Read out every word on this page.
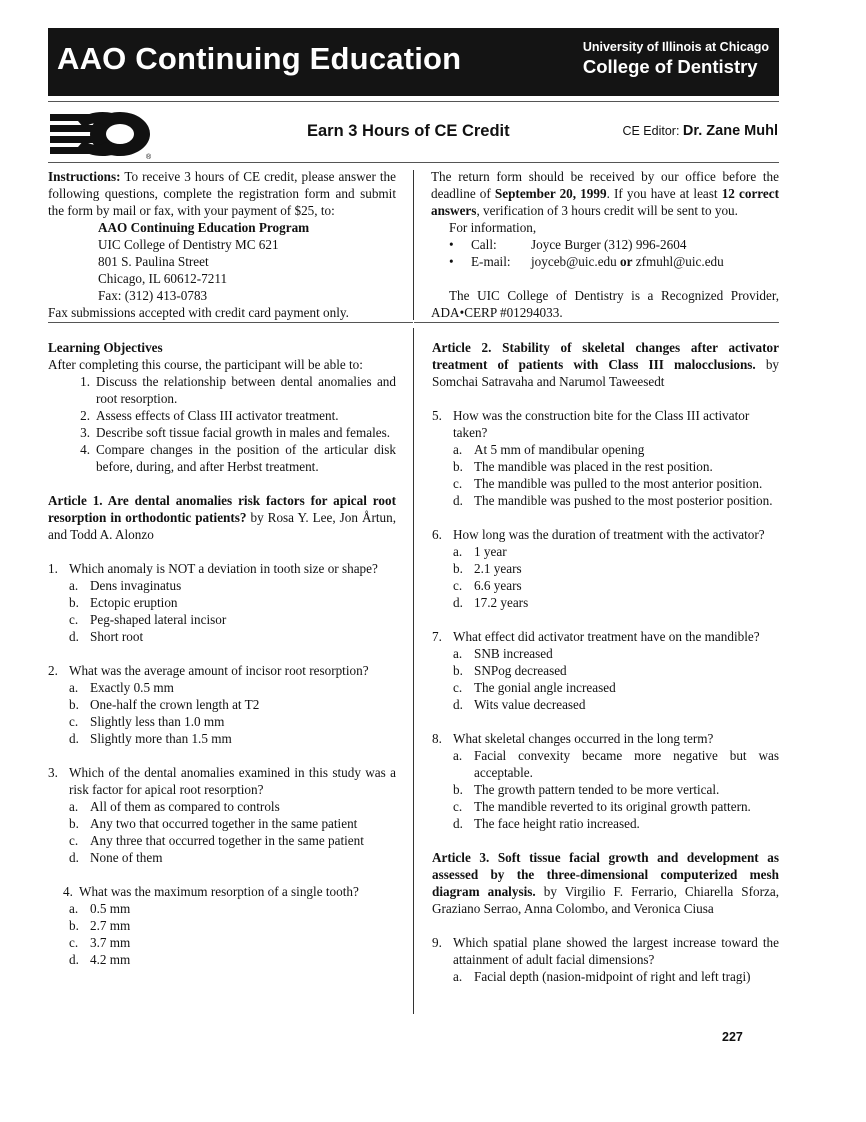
AAO Continuing Education	University of Illinois at Chicago
College of Dentistry
®
Earn 3 Hours of CE Credit	CE Editor: Dr. Zane Muhl

Instructions: To receive 3 hours of CE credit, please answer the following questions, complete the registration form and submit the form by mail or fax, with your payment of $25, to:

AAO Continuing Education Program

UIC College of Dentistry MC 621

801 S. Paulina Street

Chicago, IL 60612-7211

Fax: (312) 413-0783

Fax submissions accepted with credit card payment only.

The return form should be received by our office before the deadline of September 20, 1999. If you have at least 12 correct answers, verification of 3 hours credit will be sent to you.

For information,

•	Call:	Joyce Burger (312) 996-2604
•	E-mail:	joyceb@uic.edu or zfmuhl@uic.edu

The UIC College of Dentistry is a Recognized Provider, ADA•CERP #01294033.

Learning Objectives

After completing this course, the participant will be able to:

1. Discuss the relationship between dental anomalies and root resorption.
2. Assess effects of Class III activator treatment.
3. Describe soft tissue facial growth in males and females.
4. Compare changes in the position of the articular disk before, during, and after Herbst treatment.

Article 1. Are dental anomalies risk factors for apical root resorption in orthodontic patients? by Rosa Y. Lee, Jon Årtun, and Todd A. Alonzo

1. Which anomaly is NOT a deviation in tooth size or shape?
a. Dens invaginatus
b. Ectopic eruption
c. Peg-shaped lateral incisor
d. Short root
2. What was the average amount of incisor root resorption?
a. Exactly 0.5 mm
b. One-half the crown length at T2
c. Slightly less than 1.0 mm
d. Slightly more than 1.5 mm
3. Which of the dental anomalies examined in this study was a risk factor for apical root resorption?
a. All of them as compared to controls
b. Any two that occurred together in the same patient
c. Any three that occurred together in the same patient
d. None of them
4. What was the maximum resorption of a single tooth?
a. 0.5 mm
b. 2.7 mm
c. 3.7 mm
d. 4.2 mm

Article 2. Stability of skeletal changes after activator treatment of patients with Class III malocclusions. by Somchai Satravaha and Narumol Taweesedt

5. How was the construction bite for the Class III activator taken?
a. At 5 mm of mandibular opening
b. The mandible was placed in the rest position.
c. The mandible was pulled to the most anterior position.
d. The mandible was pushed to the most posterior position.
6. How long was the duration of treatment with the activator?
a. 1 year
b. 2.1 years
c. 6.6 years
d. 17.2 years
7. What effect did activator treatment have on the mandible?
a. SNB increased
b. SNPog decreased
c. The gonial angle increased
d. Wits value decreased
8. What skeletal changes occurred in the long term?
a. Facial convexity became more negative but was acceptable.
b. The growth pattern tended to be more vertical.
c. The mandible reverted to its original growth pattern.
d. The face height ratio increased.

Article 3. Soft tissue facial growth and development as assessed by the three-dimensional computerized mesh diagram analysis. by Virgilio F. Ferrario, Chiarella Sforza, Graziano Serrao, Anna Colombo, and Veronica Ciusa

9. Which spatial plane showed the largest increase toward the attainment of adult facial dimensions?
a. Facial depth (nasion-midpoint of right and left tragi)
227
